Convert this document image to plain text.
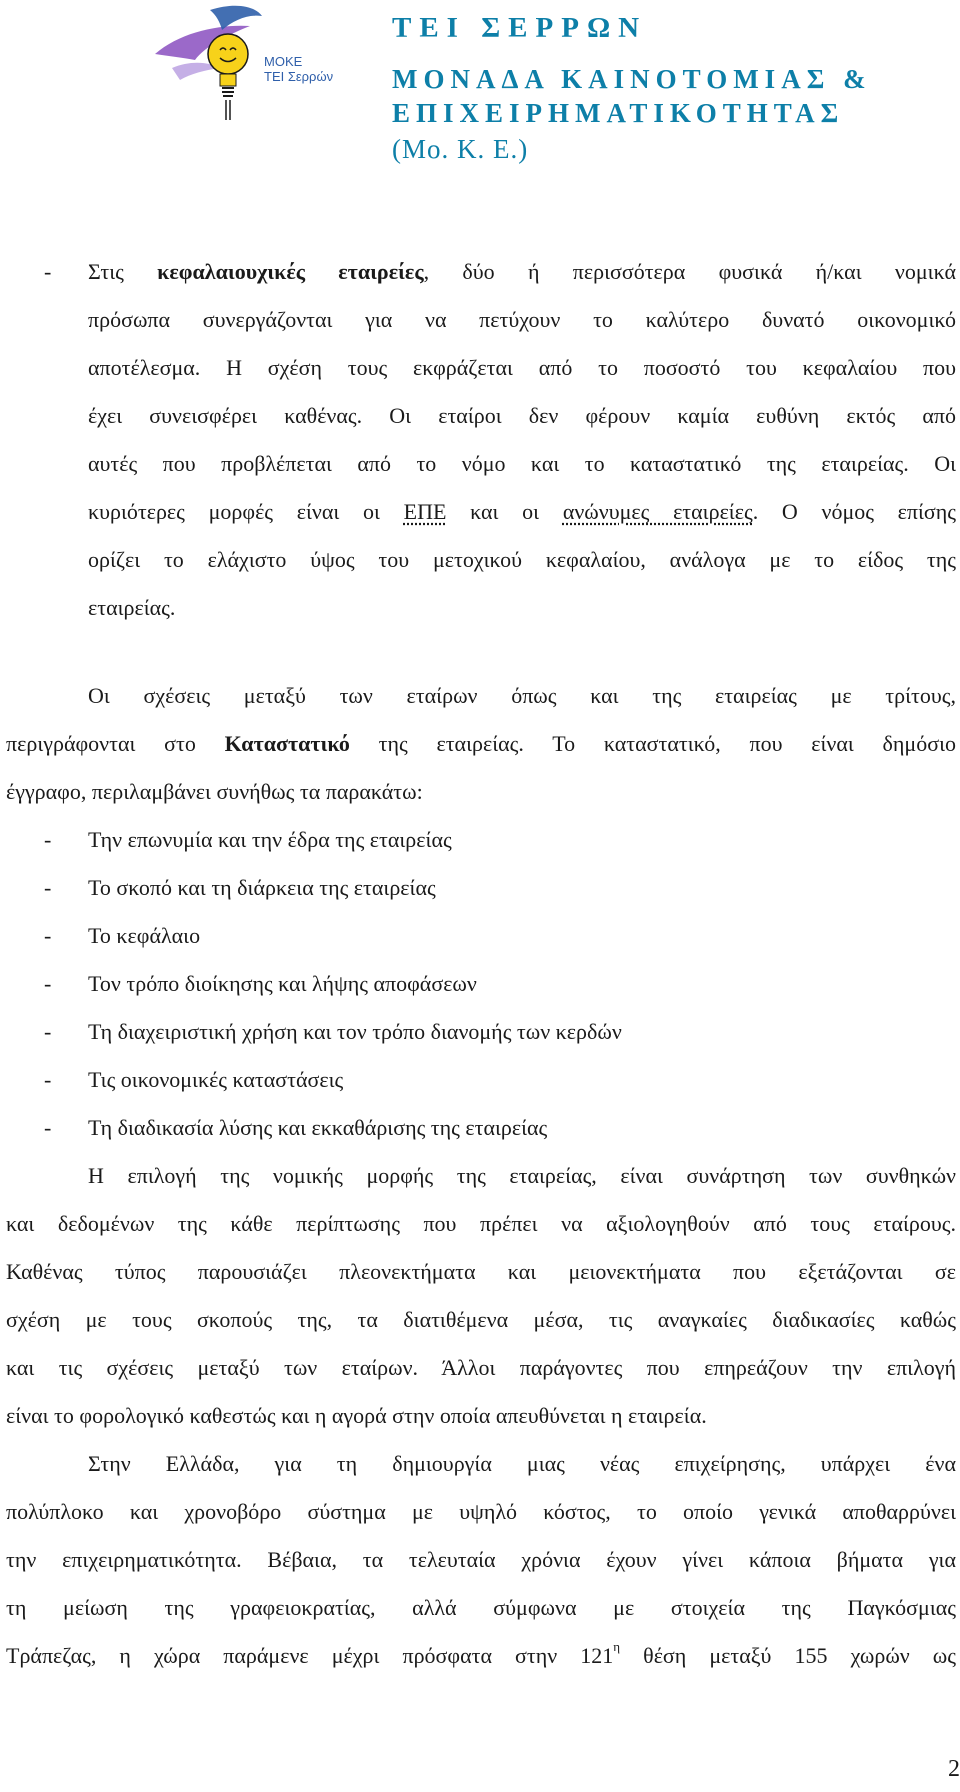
ΜΟΚΕ
ΤΕΙ Σερρών
ΤΕΙ ΣΕΡΡΩΝ
ΜΟΝΑΔΑ ΚΑΙΝΟΤΟΜΙΑΣ &
ΕΠΙΧΕΙΡΗΜΑΤΙΚΟΤΗΤΑΣ
(Μο. Κ. Ε.)
- Στις κεφαλαιουχικές εταιρείες, δύο ή περισσότερα φυσικά ή/και νομικά
πρόσωπα συνεργάζονται για να πετύχουν το καλύτερο δυνατό οικονομικό
αποτέλεσμα. Η σχέση τους εκφράζεται από το ποσοστό του κεφαλαίου που
έχει συνεισφέρει καθένας. Οι εταίροι δεν φέρουν καμία ευθύνη εκτός από
αυτές που προβλέπεται από το νόμο και το καταστατικό της εταιρείας. Οι
κυριότερες μορφές είναι οι ΕΠΕ και οι ανώνυμες εταιρείες. Ο νόμος επίσης
ορίζει το ελάχιστο ύψος του μετοχικού κεφαλαίου, ανάλογα με το είδος της
εταιρείας.
Οι σχέσεις μεταξύ των εταίρων όπως και της εταιρείας με τρίτους,
περιγράφονται στο Καταστατικό της εταιρείας. Το καταστατικό, που είναι δημόσιο
έγγραφο, περιλαμβάνει συνήθως τα παρακάτω:
- Την επωνυμία και την έδρα της εταιρείας
- Το σκοπό και τη διάρκεια της εταιρείας
- Το κεφάλαιο
- Τον τρόπο διοίκησης και λήψης αποφάσεων
- Τη διαχειριστική χρήση και τον τρόπο διανομής των κερδών
- Τις οικονομικές καταστάσεις
- Τη διαδικασία λύσης και εκκαθάρισης της εταιρείας
Η επιλογή της νομικής μορφής της εταιρείας, είναι συνάρτηση των συνθηκών
και δεδομένων της κάθε περίπτωσης που πρέπει να αξιολογηθούν από τους εταίρους.
Καθένας τύπος παρουσιάζει πλεονεκτήματα και μειονεκτήματα που εξετάζονται σε
σχέση με τους σκοπούς της, τα διατιθέμενα μέσα, τις αναγκαίες διαδικασίες καθώς
και τις σχέσεις μεταξύ των εταίρων. Άλλοι παράγοντες που επηρεάζουν την επιλογή
είναι το φορολογικό καθεστώς και η αγορά στην οποία απευθύνεται η εταιρεία.
Στην Ελλάδα, για τη δημιουργία μιας νέας επιχείρησης, υπάρχει ένα
πολύπλοκο και χρονοβόρο σύστημα με υψηλό κόστος, το οποίο γενικά αποθαρρύνει
την επιχειρηματικότητα. Βέβαια, τα τελευταία χρόνια έχουν γίνει κάποια βήματα για
τη μείωση της γραφειοκρατίας, αλλά σύμφωνα με στοιχεία της Παγκόσμιας
Τράπεζας, η χώρα παράμενε μέχρι πρόσφατα στην $121^\eta$ θέση μεταξύ 155 χωρών ως
2
